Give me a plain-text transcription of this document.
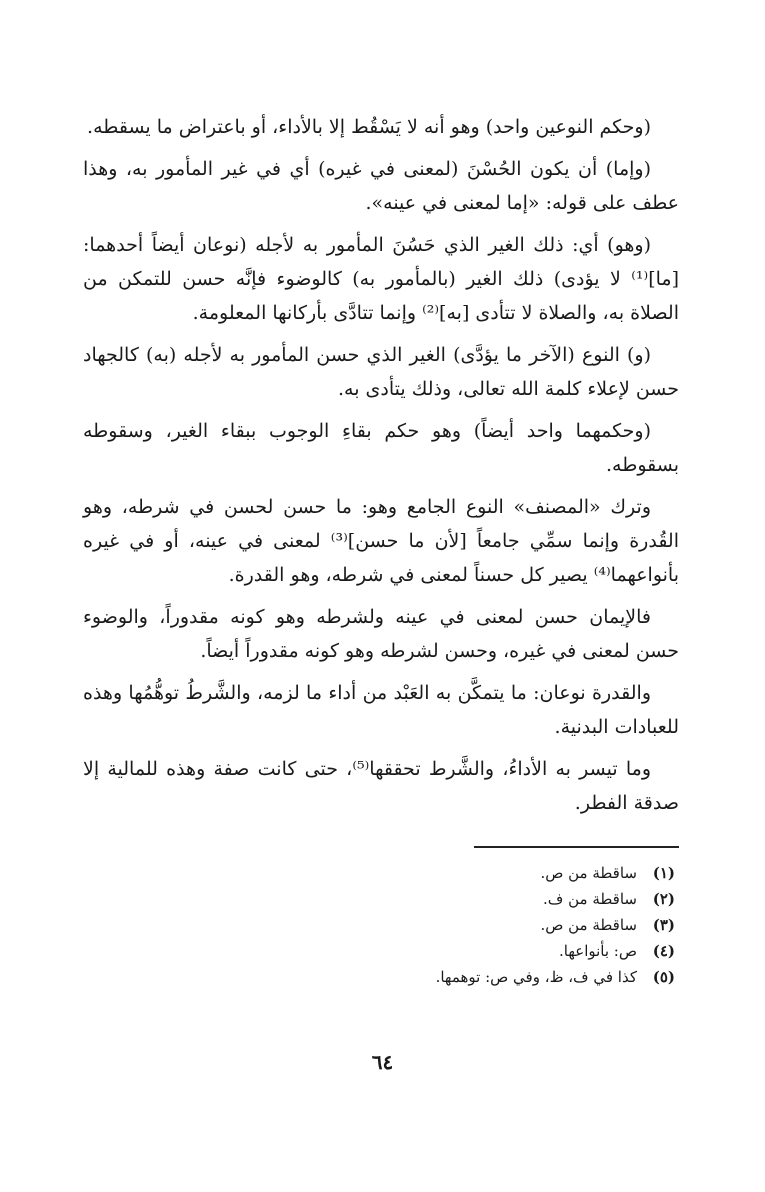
(وحكم النوعين واحد) وهو أنه لا يَسْقُط إلا بالأداء، أو باعتراض ما يسقطه.

(وإما) أن يكون الحُسْنَ (لمعنى في غيره) أي في غير المأمور به، وهذا عطف على قوله: «إما لمعنى في عينه».

(وهو) أي: ذلك الغير الذي حَسُنَ المأمور به لأجله (نوعان أيضاً أحدهما: [ما]⁽¹⁾ لا يؤدى) ذلك الغير (بالمأمور به) كالوضوء فإنَّه حسن للتمكن من الصلاة به، والصلاة لا تتأدى [به]⁽²⁾ وإنما تتادَّى بأركانها المعلومة.

(و) النوع (الآخر ما يؤدَّى) الغير الذي حسن المأمور به لأجله (به) كالجهاد حسن لإعلاء كلمة الله تعالى، وذلك يتأدى به.

(وحكمهما واحد أيضاً) وهو حكم بقاءِ الوجوب ببقاء الغير، وسقوطه بسقوطه.

وترك «المصنف» النوع الجامع وهو: ما حسن لحسن في شرطه، وهو القُدرة وإنما سمِّي جامعاً [لأن ما حسن]⁽³⁾ لمعنى في عينه، أو في غيره بأنواعهما⁽⁴⁾ يصير كل حسناً لمعنى في شرطه، وهو القدرة.

فالإيمان حسن لمعنى في عينه ولشرطه وهو كونه مقدوراً، والوضوء حسن لمعنى في غيره، وحسن لشرطه وهو كونه مقدوراً أيضاً.

والقدرة نوعان: ما يتمكَّن به العَبْد من أداء ما لزمه، والشَّرطُ توهُّمُها وهذه للعبادات البدنية.

وما تيسر به الأداءُ، والشَّرط تحققها⁽⁵⁾، حتى كانت صفة وهذه للمالية إلا صدقة الفطر.

(١)
ساقطة من ص.
(٢)
ساقطة من ف.
(٣)
ساقطة من ص.
(٤)
ص: بأنواعها.
(٥)
كذا في ف، ظ، وفي ص: توهمها.
٦٤
